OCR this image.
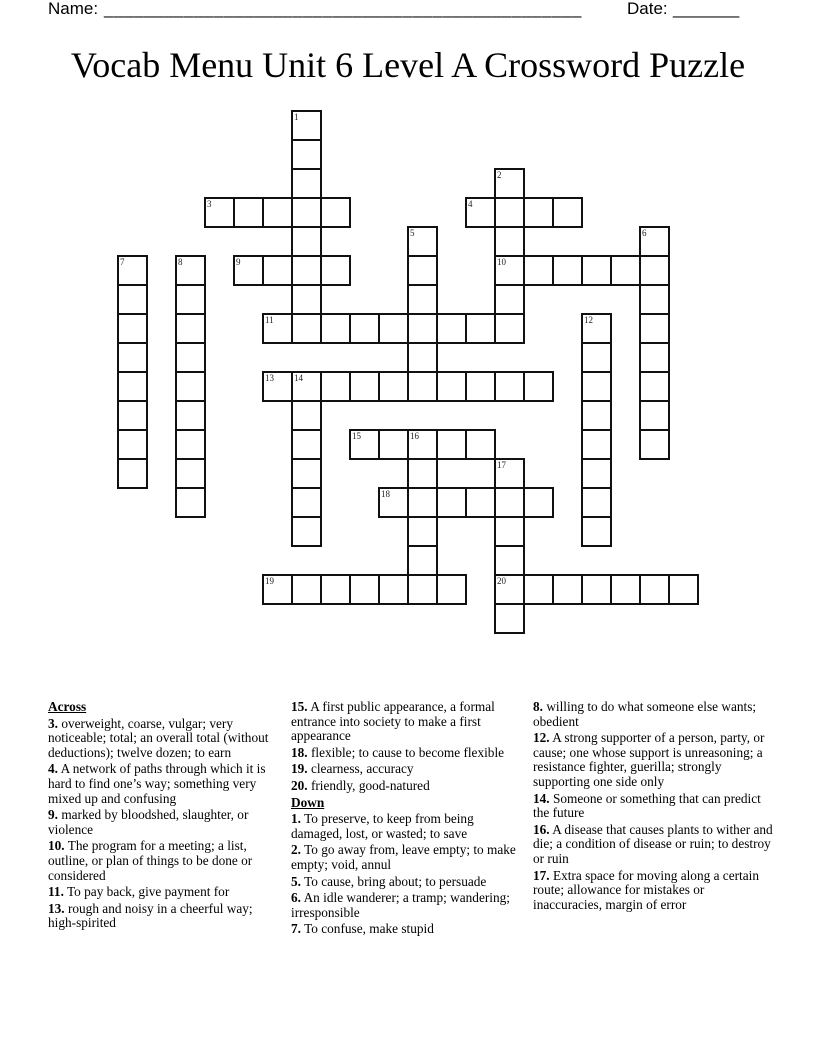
Name: ________________________________________________	Date: _______
Vocab Menu Unit 6 Level A Crossword Puzzle
1
2
10
3	4
5	6
7	8	9
11	12
13 14
15	16
17
20
18
19
Across
3. overweight, coarse, vulgar; very noticeable; total; an overall total (without deductions); twelve dozen; to earn
4. A network of paths through which it is hard to find one’s way; something very mixed up and confusing
9. marked by bloodshed, slaughter, or violence
10. The program for a meeting; a list, outline, or plan of things to be done or considered
11. To pay back, give payment for
13. rough and noisy in a cheerful way; high-spirited
15. A first public appearance, a formal entrance into society to make a first appearance
18. flexible; to cause to become flexible
19. clearness, accuracy
20. friendly, good-natured
Down
1. To preserve, to keep from being damaged, lost, or wasted; to save
2. To go away from, leave empty; to make empty; void, annul
5. To cause, bring about; to persuade
6. An idle wanderer; a tramp; wandering; irresponsible
7. To confuse, make stupid
8. willing to do what someone else wants; obedient
12. A strong supporter of a person, party, or cause; one whose support is unreasoning; a resistance fighter, guerilla; strongly supporting one side only
14. Someone or something that can predict the future
16. A disease that causes plants to wither and die; a condition of disease or ruin; to destroy or ruin
17. Extra space for moving along a certain route; allowance for mistakes or inaccuracies, margin of error
